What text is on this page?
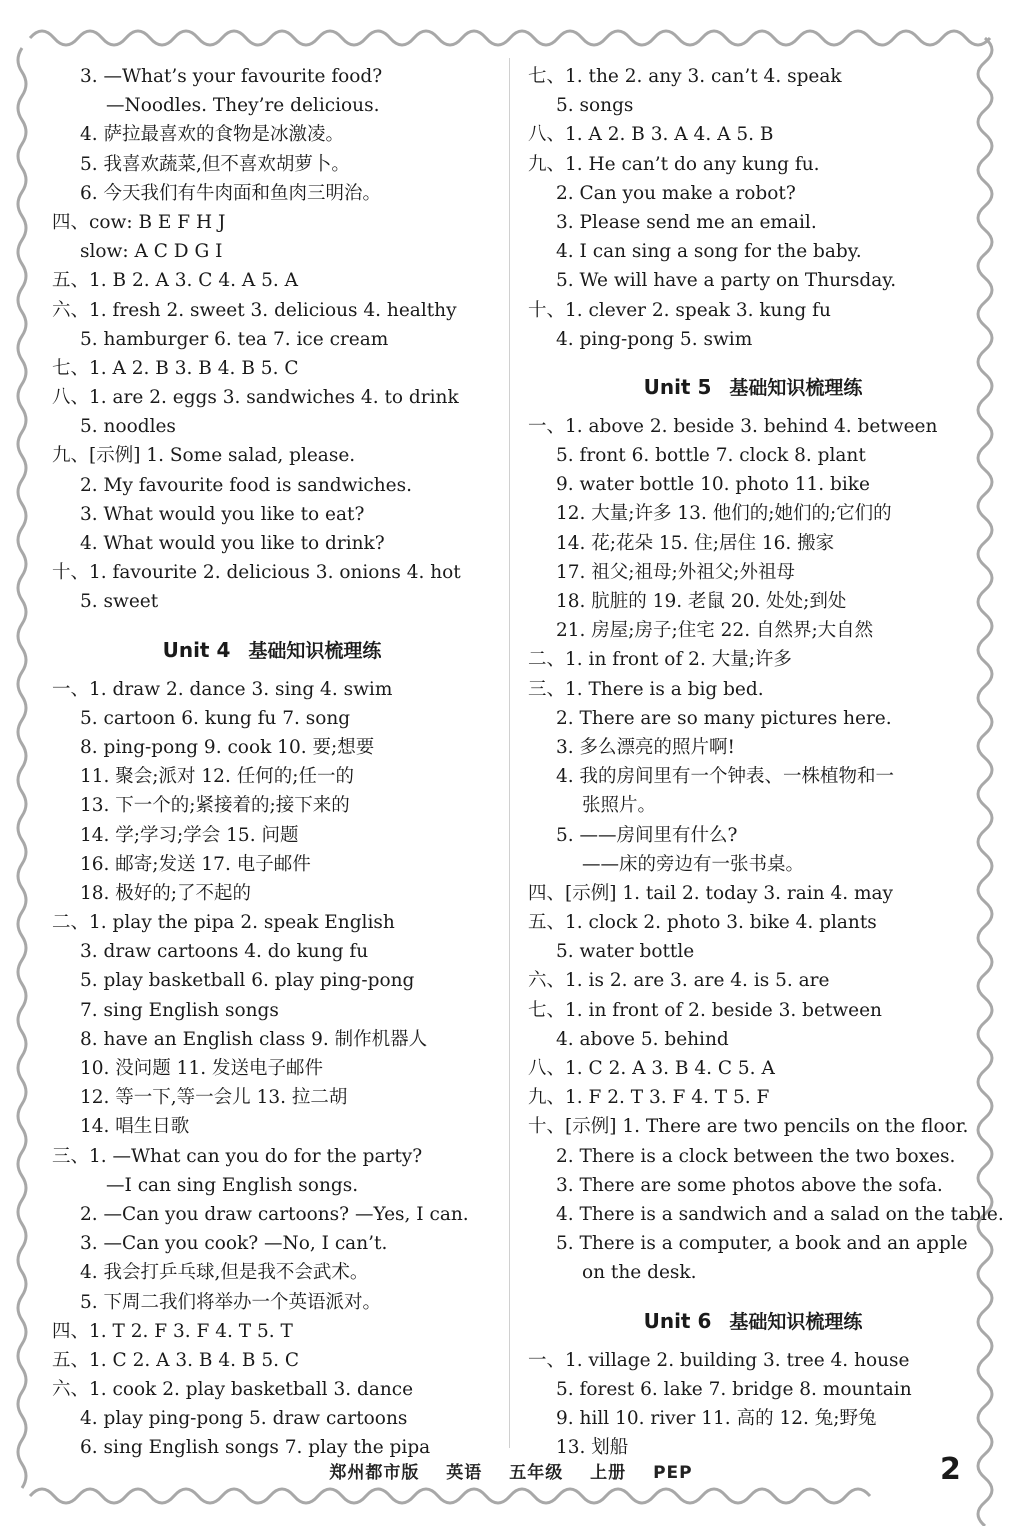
3. —What’s your favourite food?
—Noodles. They’re delicious.
4. 萨拉最喜欢的食物是冰激凌。
5. 我喜欢蔬菜,但不喜欢胡萝卜。
6. 今天我们有牛肉面和鱼肉三明治。
四、cow: B E F H J
slow: A C D G I
五、1. B 2. A 3. C 4. A 5. A
六、1. fresh 2. sweet 3. delicious 4. healthy
5. hamburger 6. tea 7. ice cream
七、1. A 2. B 3. B 4. B 5. C
八、1. are 2. eggs 3. sandwiches 4. to drink
5. noodles
九、[示例] 1. Some salad, please.
2. My favourite food is sandwiches.
3. What would you like to eat?
4. What would you like to drink?
十、1. favourite 2. delicious 3. onions 4. hot
5. sweet
Unit 4 基础知识梳理练
一、1. draw 2. dance 3. sing 4. swim
5. cartoon 6. kung fu 7. song
8. ping-pong 9. cook 10. 要;想要
11. 聚会;派对 12. 任何的;任一的
13. 下一个的;紧接着的;接下来的
14. 学;学习;学会 15. 问题
16. 邮寄;发送 17. 电子邮件
18. 极好的;了不起的
二、1. play the pipa 2. speak English
3. draw cartoons 4. do kung fu
5. play basketball 6. play ping-pong
7. sing English songs
8. have an English class 9. 制作机器人
10. 没问题 11. 发送电子邮件
12. 等一下,等一会儿 13. 拉二胡
14. 唱生日歌
三、1. —What can you do for the party?
—I can sing English songs.
2. —Can you draw cartoons? —Yes, I can.
3. —Can you cook? —No, I can’t.
4. 我会打乒乓球,但是我不会武术。
5. 下周二我们将举办一个英语派对。
四、1. T 2. F 3. F 4. T 5. T
五、1. C 2. A 3. B 4. B 5. C
六、1. cook 2. play basketball 3. dance
4. play ping-pong 5. draw cartoons
6. sing English songs 7. play the pipa
七、1. the 2. any 3. can’t 4. speak
5. songs
八、1. A 2. B 3. A 4. A 5. B
九、1. He can’t do any kung fu.
2. Can you make a robot?
3. Please send me an email.
4. I can sing a song for the baby.
5. We will have a party on Thursday.
十、1. clever 2. speak 3. kung fu
4. ping-pong 5. swim
Unit 5 基础知识梳理练
一、1. above 2. beside 3. behind 4. between
5. front 6. bottle 7. clock 8. plant
9. water bottle 10. photo 11. bike
12. 大量;许多 13. 他们的;她们的;它们的
14. 花;花朵 15. 住;居住 16. 搬家
17. 祖父;祖母;外祖父;外祖母
18. 肮脏的 19. 老鼠 20. 处处;到处
21. 房屋;房子;住宅 22. 自然界;大自然
二、1. in front of 2. 大量;许多
三、1. There is a big bed.
2. There are so many pictures here.
3. 多么漂亮的照片啊!
4. 我的房间里有一个钟表、一株植物和一
张照片。
5. ——房间里有什么?
——床的旁边有一张书桌。
四、[示例] 1. tail 2. today 3. rain 4. may
五、1. clock 2. photo 3. bike 4. plants
5. water bottle
六、1. is 2. are 3. are 4. is 5. are
七、1. in front of 2. beside 3. between
4. above 5. behind
八、1. C 2. A 3. B 4. C 5. A
九、1. F 2. T 3. F 4. T 5. F
十、[示例] 1. There are two pencils on the floor.
2. There is a clock between the two boxes.
3. There are some photos above the sofa.
4. There is a sandwich and a salad on the table.
5. There is a computer, a book and an apple
on the desk.
Unit 6 基础知识梳理练
一、1. village 2. building 3. tree 4. house
5. forest 6. lake 7. bridge 8. mountain
9. hill 10. river 11. 高的 12. 兔;野兔
13. 划船
郑州都市版 英语 五年级 上册 PEP	2
